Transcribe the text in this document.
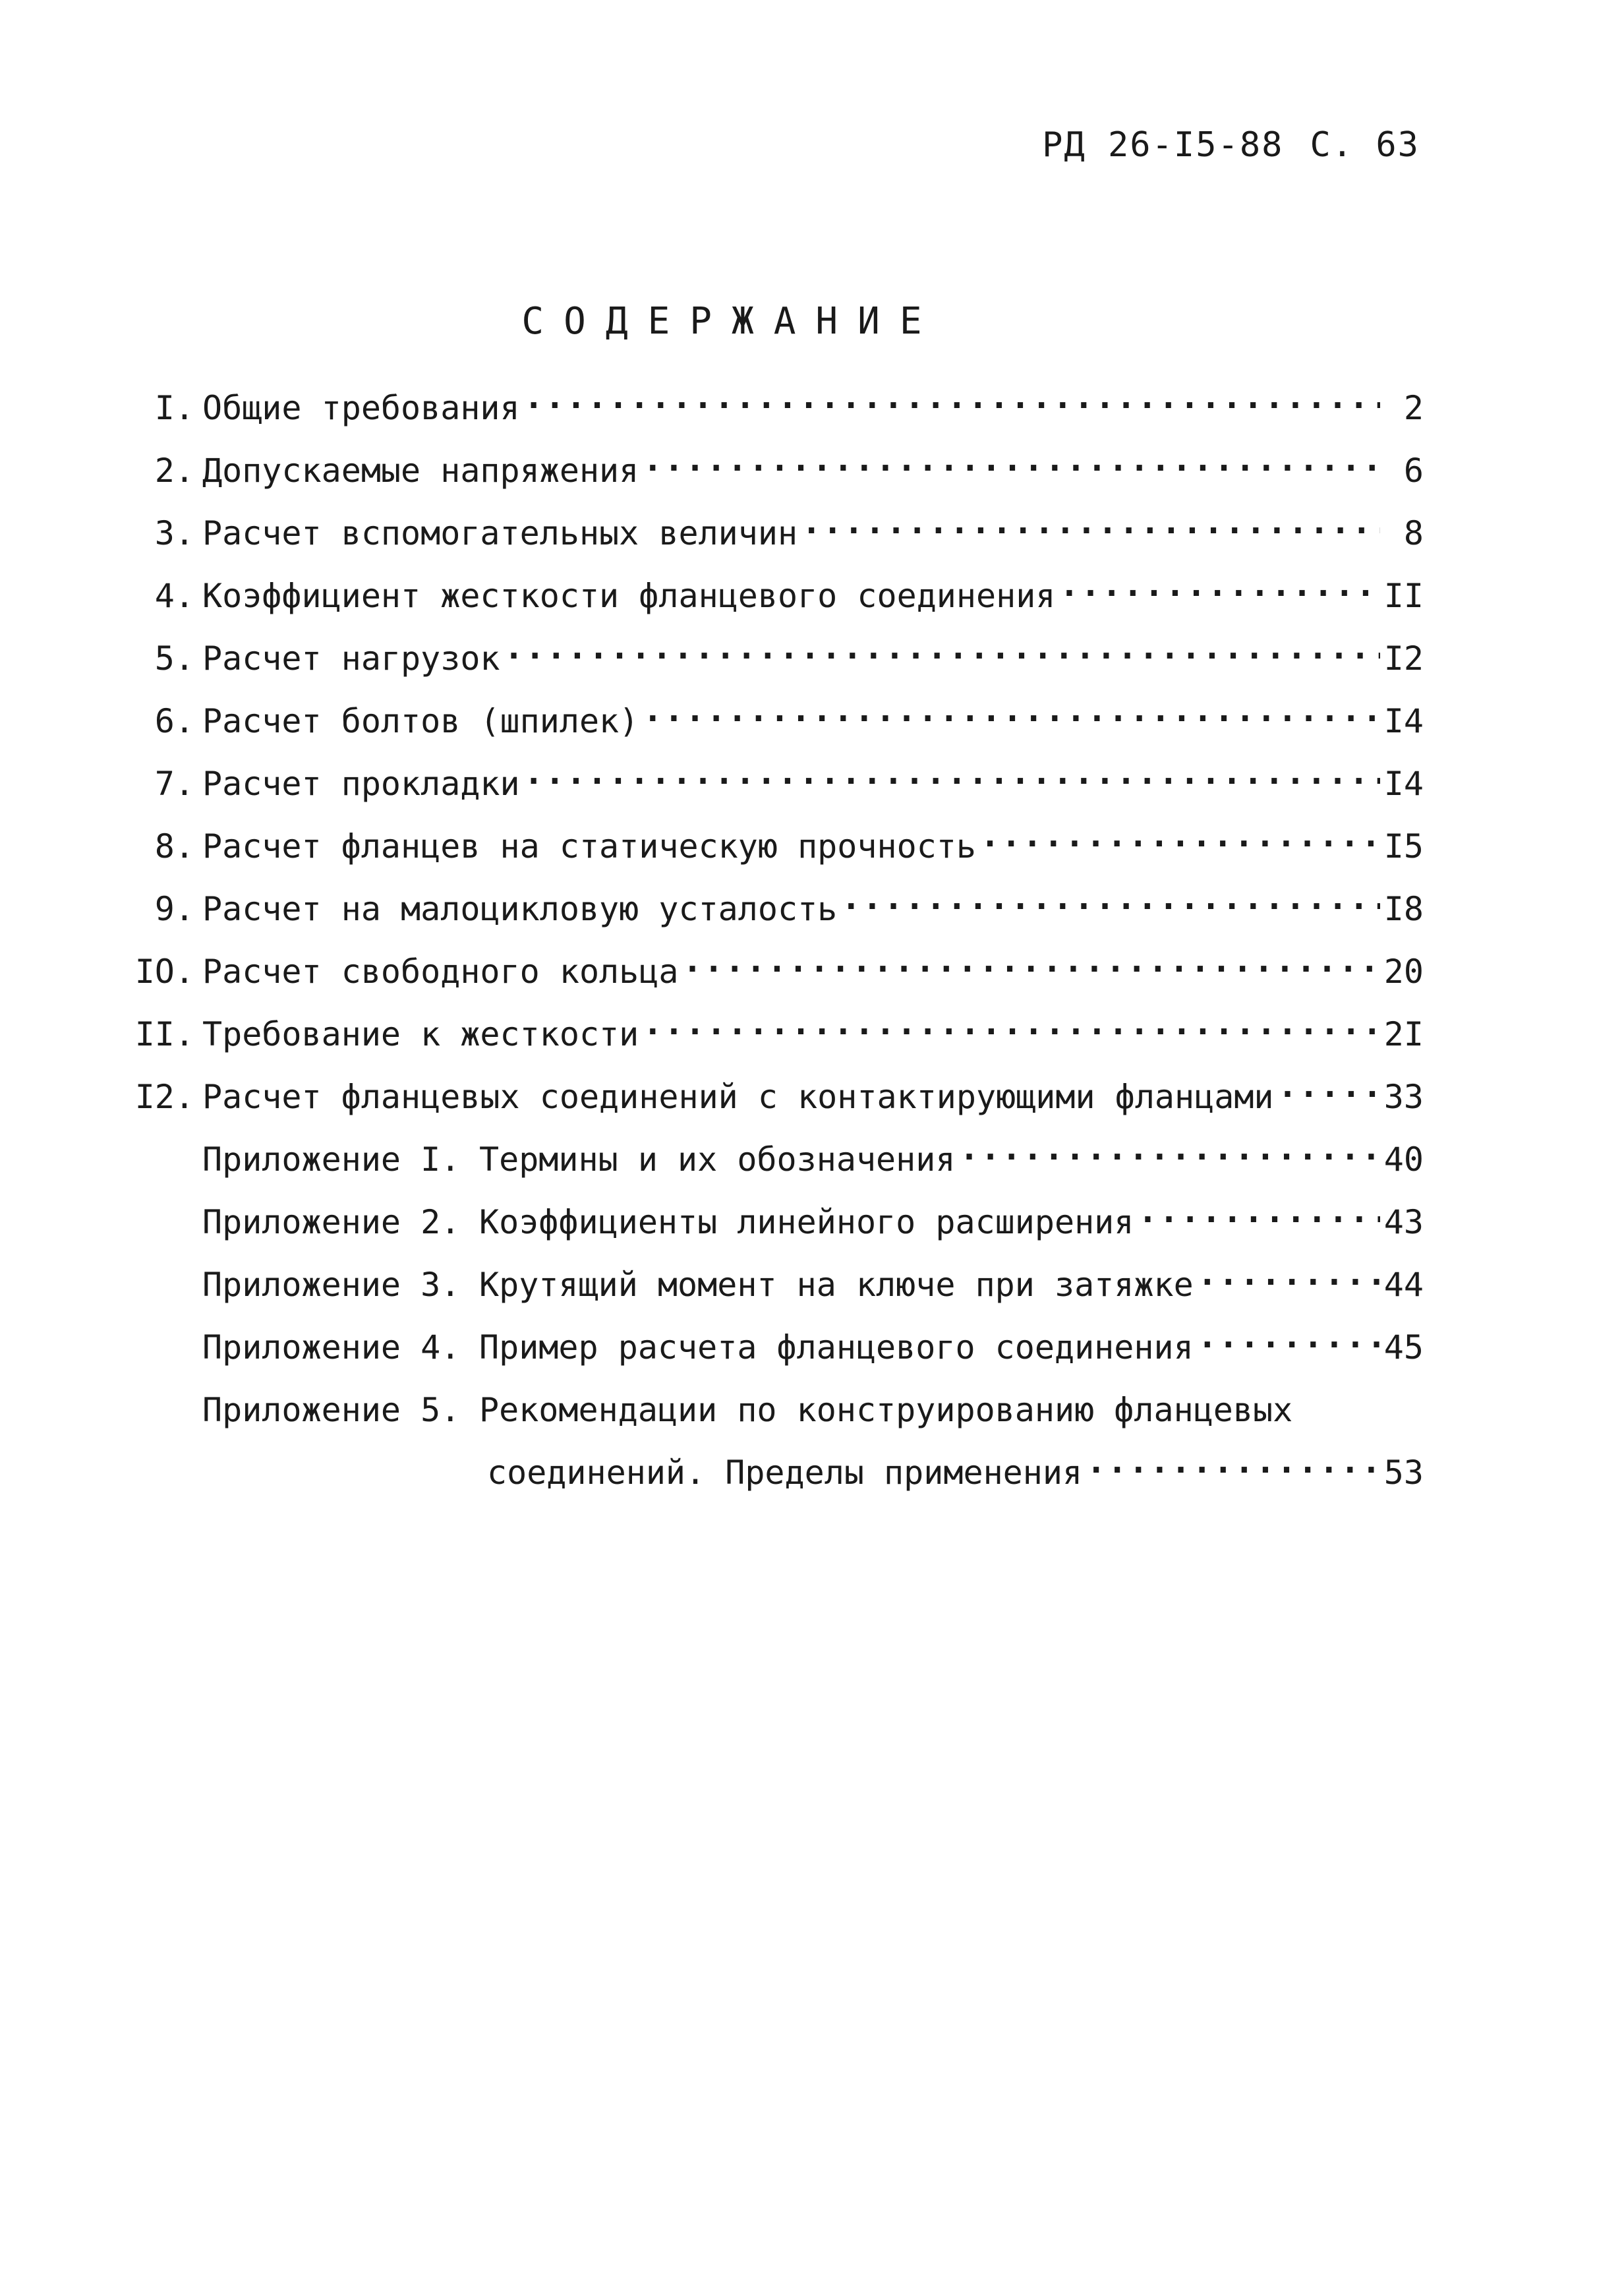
РД 26-I5-88 С. 63
СОДЕРЖАНИЕ
I. Общие требования ·····	2
2. Допускаемые напряжения ·····	6
3. Расчет вспомогательных величин ·····	8
4. Коэффициент жесткости фланцевого соединения ·····	II
5. Расчет нагрузок ·····	I2
6. Расчет болтов (шпилек) ·····	I4
7. Расчет прокладки ·····	I4
8. Расчет фланцев на статическую прочность ·····	I5
9. Расчет на малоцикловую усталость ·····	I8
IO. Расчет свободного кольца ·····	20
II. Требование к жесткости ·····	2I
I2. Расчет фланцевых соединений с контактирующими фланцами ·····	33
Приложение I. Термины и их обозначения ·····	40
Приложение 2. Коэффициенты линейного расширения ·····	43
Приложение 3. Крутящий момент на ключе при затяжке ·····	44
Приложение 4. Пример расчета фланцевого соединения ·····	45
Приложение 5. Рекомендации по конструированию фланцевых
соединений. Пределы применения ·····	53
